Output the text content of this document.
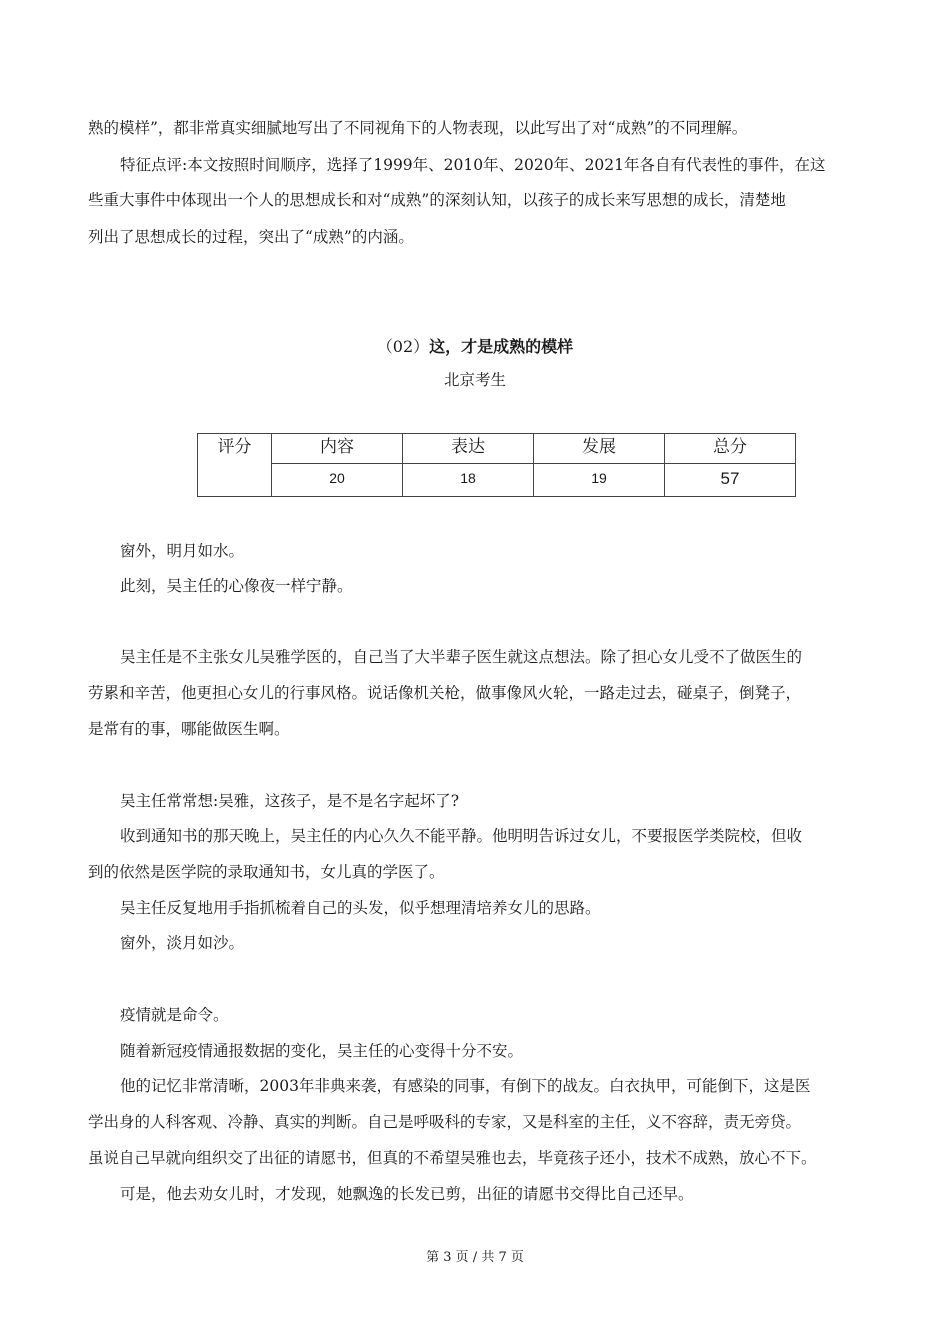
熟的模样”，都非常真实细腻地写出了不同视角下的人物表现，以此写出了对“成熟”的不同理解。
特征点评:本文按照时间顺序，选择了1999年、2010年、2020年、2021年各自有代表性的事件，在这
些重大事件中体现出一个人的思想成长和对“成熟”的深刻认知，以孩子的成长来写思想的成长，清楚地
列出了思想成长的过程，突出了“成熟”的内涵。
（02）这，才是成熟的模样
北京考生
评分	内容	表达	发展	总分
	20	18	19	57
窗外，明月如水。
此刻，吴主任的心像夜一样宁静。
吴主任是不主张女儿吴雅学医的，自己当了大半辈子医生就这点想法。除了担心女儿受不了做医生的
劳累和辛苦，他更担心女儿的行事风格。说话像机关枪，做事像风火轮，一路走过去，碰桌子，倒凳子，
是常有的事，哪能做医生啊。
吴主任常常想:吴雅，这孩子，是不是名字起坏了?
收到通知书的那天晚上，吴主任的内心久久不能平静。他明明告诉过女儿，不要报医学类院校，但收
到的依然是医学院的录取通知书，女儿真的学医了。
吴主任反复地用手指抓梳着自己的头发，似乎想理清培养女儿的思路。
窗外，淡月如沙。
疫情就是命令。
随着新冠疫情通报数据的变化，吴主任的心变得十分不安。
他的记忆非常清晰，2003年非典来袭，有感染的同事，有倒下的战友。白衣执甲，可能倒下，这是医
学出身的人科客观、冷静、真实的判断。自己是呼吸科的专家，又是科室的主任，义不容辞，责无旁贷。
虽说自己早就向组织交了出征的请愿书，但真的不希望吴雅也去，毕竟孩子还小，技术不成熟，放心不下。
可是，他去劝女儿时，才发现，她飘逸的长发已剪，出征的请愿书交得比自己还早。
第 3 页 / 共 7 页
